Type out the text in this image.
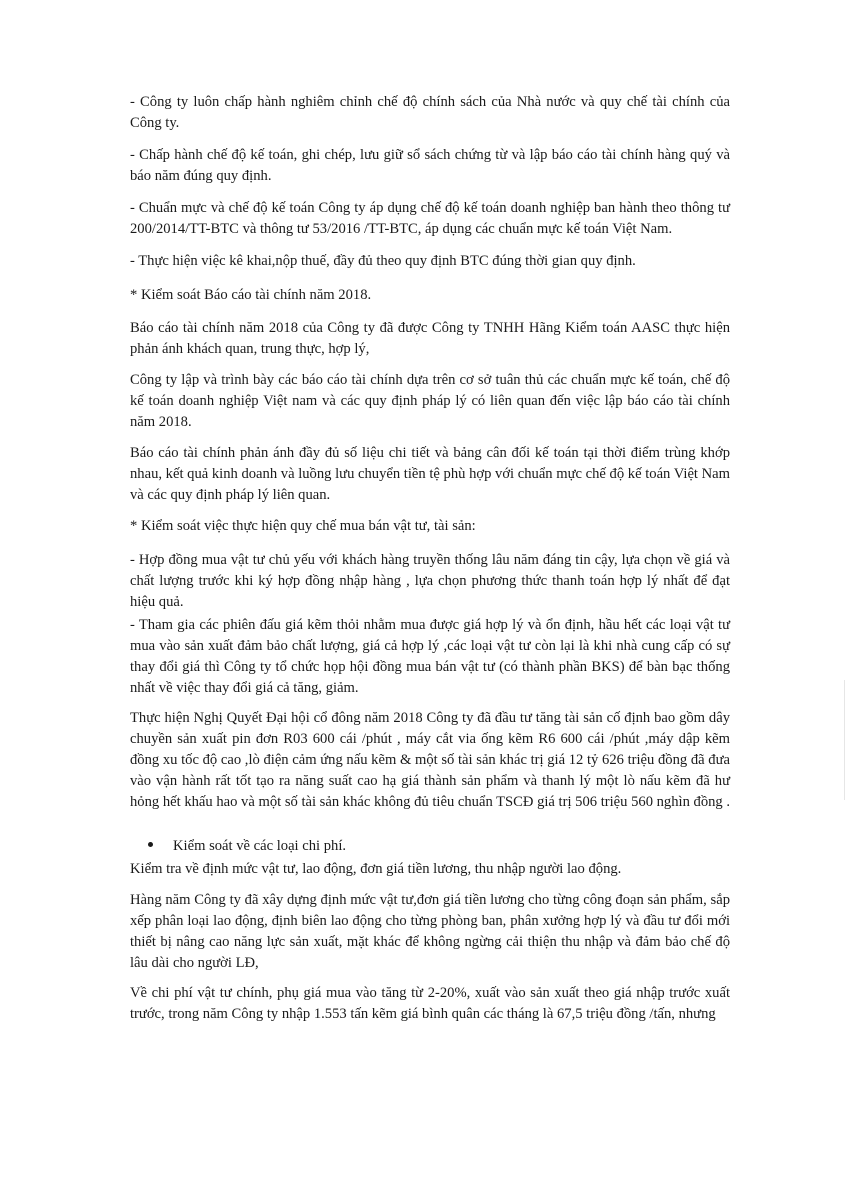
- Công ty luôn chấp hành nghiêm chỉnh chế độ chính sách của Nhà nước và quy chế tài chính của Công ty.

- Chấp hành chế độ kế toán, ghi chép, lưu giữ sổ sách chứng từ và lập báo cáo tài chính hàng quý và báo năm đúng quy định.

- Chuẩn mực và chế độ kế toán Công ty áp dụng chế độ kế toán doanh nghiệp ban hành theo thông tư 200/2014/TT-BTC và thông tư 53/2016 /TT-BTC, áp dụng các chuẩn mực kế toán Việt Nam.

- Thực hiện việc kê khai,nộp thuế, đầy đủ theo quy định BTC đúng thời gian quy định.

* Kiểm soát Báo cáo tài chính năm 2018.

Báo cáo tài chính năm 2018 của Công ty đã được Công ty TNHH Hãng Kiểm toán AASC thực hiện phản ánh khách quan, trung thực, hợp lý,

Công ty lập và trình bày các báo cáo tài chính dựa trên cơ sở tuân thủ các chuẩn mực kế toán, chế độ kế toán doanh nghiệp Việt nam và các quy định pháp lý có liên quan đến việc lập báo cáo tài chính năm 2018.

Báo cáo tài chính phản ánh đầy đủ số liệu chi tiết và bảng cân đối kế toán tại thời điểm trùng khớp nhau, kết quả kinh doanh và luồng lưu chuyển tiền tệ phù hợp với chuẩn mực chế độ kế toán Việt Nam và các quy định pháp lý liên quan.

* Kiểm soát việc thực hiện quy chế mua bán vật tư, tài sản:

- Hợp đồng mua vật tư chủ yếu với khách hàng truyền thống lâu năm đáng tin cậy, lựa chọn về giá và chất lượng trước khi ký hợp đồng nhập hàng , lựa chọn phương thức thanh toán hợp lý nhất để đạt hiệu quả.

- Tham gia các phiên đấu giá kẽm thỏi nhằm mua được giá hợp lý và ổn định, hầu hết các loại vật tư mua vào sản xuất đảm bảo chất lượng, giá cả hợp lý ,các loại vật tư còn lại là khi nhà cung cấp có sự thay đổi giá thì Công ty tổ chức họp hội đồng mua bán vật tư (có thành phần BKS) để bàn bạc thống nhất về việc thay đổi giá cả tăng, giảm.

Thực hiện Nghị Quyết Đại hội cổ đông năm 2018 Công ty đã đầu tư tăng tài sản cố định bao gồm dây chuyền sản xuất pin đơn R03 600 cái /phút , máy cắt via ống kẽm R6 600 cái /phút ,máy dập kẽm đồng xu tốc độ cao ,lò điện cảm ứng nấu kẽm & một số tài sản khác trị giá 12 tỷ 626 triệu đồng đã đưa vào vận hành rất tốt tạo ra năng suất cao hạ giá thành sản phẩm và thanh lý một lò nấu kẽm đã hư hỏng hết khấu hao và một số tài sản khác không đủ tiêu chuẩn TSCĐ giá trị 506 triệu 560 nghìn đồng .

Kiểm soát về các loại chi phí.

Kiểm tra về định mức vật tư, lao động, đơn giá tiền lương, thu nhập người lao động.

Hàng năm Công ty đã xây dựng định mức vật tư,đơn giá tiền lương cho từng công đoạn sản phẩm, sắp xếp phân loại lao động, định biên lao động cho từng phòng ban, phân xưởng hợp lý và đầu tư đổi mới thiết bị nâng cao năng lực sản xuất, mặt khác để không ngừng cải thiện thu nhập và đảm bảo chế độ lâu dài cho người LĐ,

Về chi phí vật tư chính, phụ giá mua vào tăng từ 2-20%, xuất vào sản xuất theo giá nhập trước xuất trước, trong năm Công ty nhập 1.553 tấn kẽm giá bình quân các tháng là 67,5 triệu đồng /tấn, nhưng
